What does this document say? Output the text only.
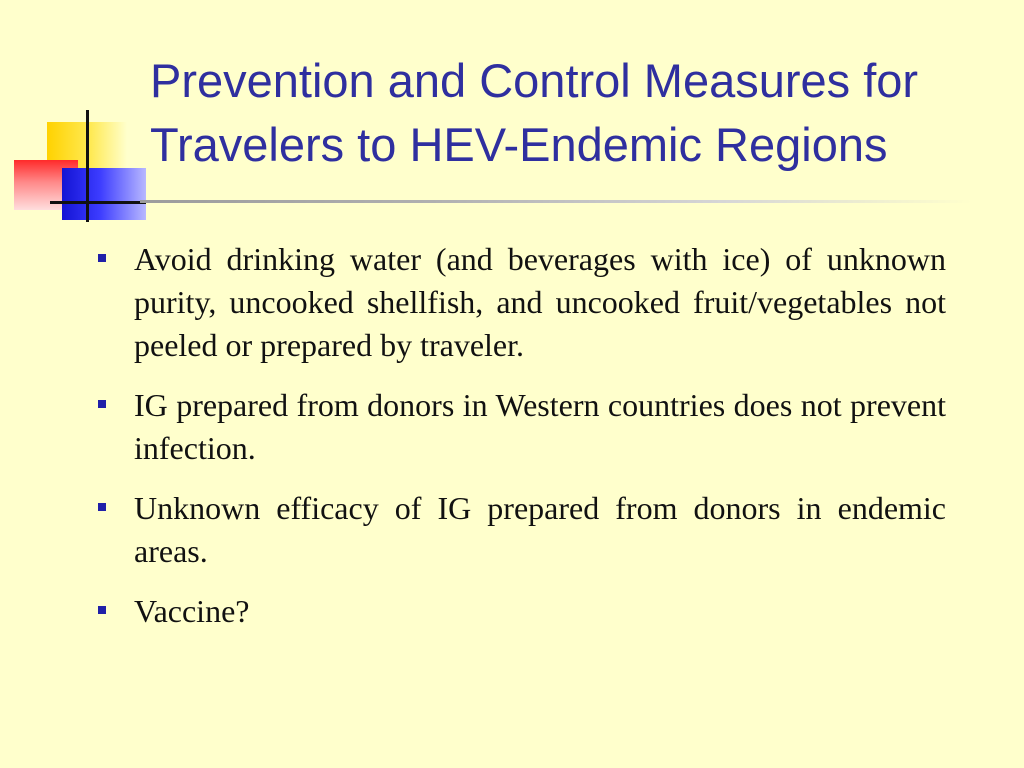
Prevention and Control Measures for Travelers to HEV-Endemic Regions
Avoid drinking water (and beverages with ice) of unknown purity, uncooked shellfish, and uncooked fruit/vegetables not peeled or prepared by traveler.
IG prepared from donors in Western countries does not prevent infection.
Unknown efficacy of IG prepared from donors in endemic areas.
Vaccine?
